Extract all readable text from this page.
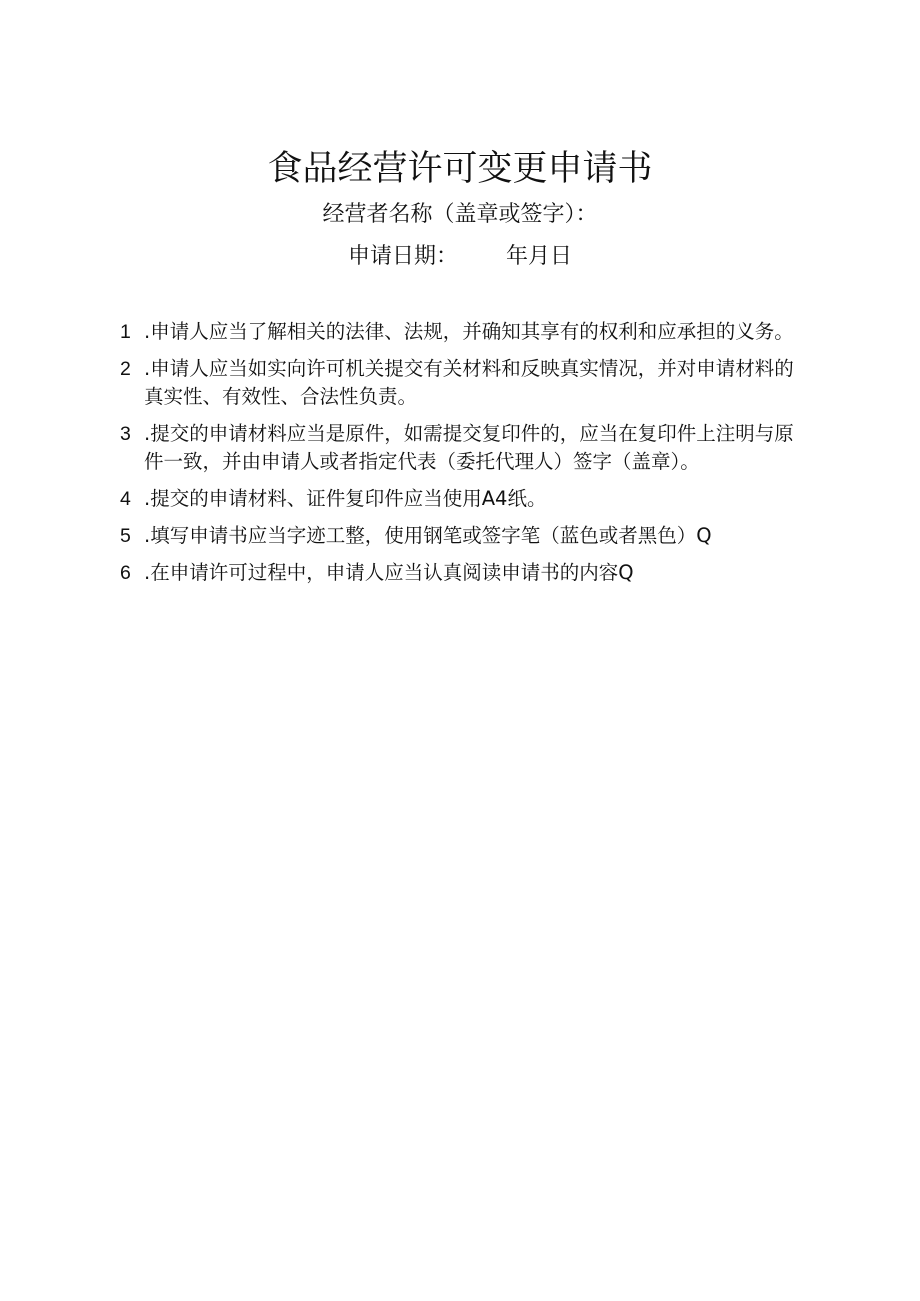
食品经营许可变更申请书
经营者名称（盖章或签字）：
申请日期： 年月日
1 .申请人应当了解相关的法律、法规，并确知其享有的权利和应承担的义务。
2 .申请人应当如实向许可机关提交有关材料和反映真实情况，并对申请材料的真实性、有效性、合法性负责。
3 .提交的申请材料应当是原件，如需提交复印件的，应当在复印件上注明与原件一致，并由申请人或者指定代表（委托代理人）签字（盖章）。
4 .提交的申请材料、证件复印件应当使用A4纸。
5 .填写申请书应当字迹工整，使用钢笔或签字笔（蓝色或者黑色）Q
6 .在申请许可过程中，申请人应当认真阅读申请书的内容Q
